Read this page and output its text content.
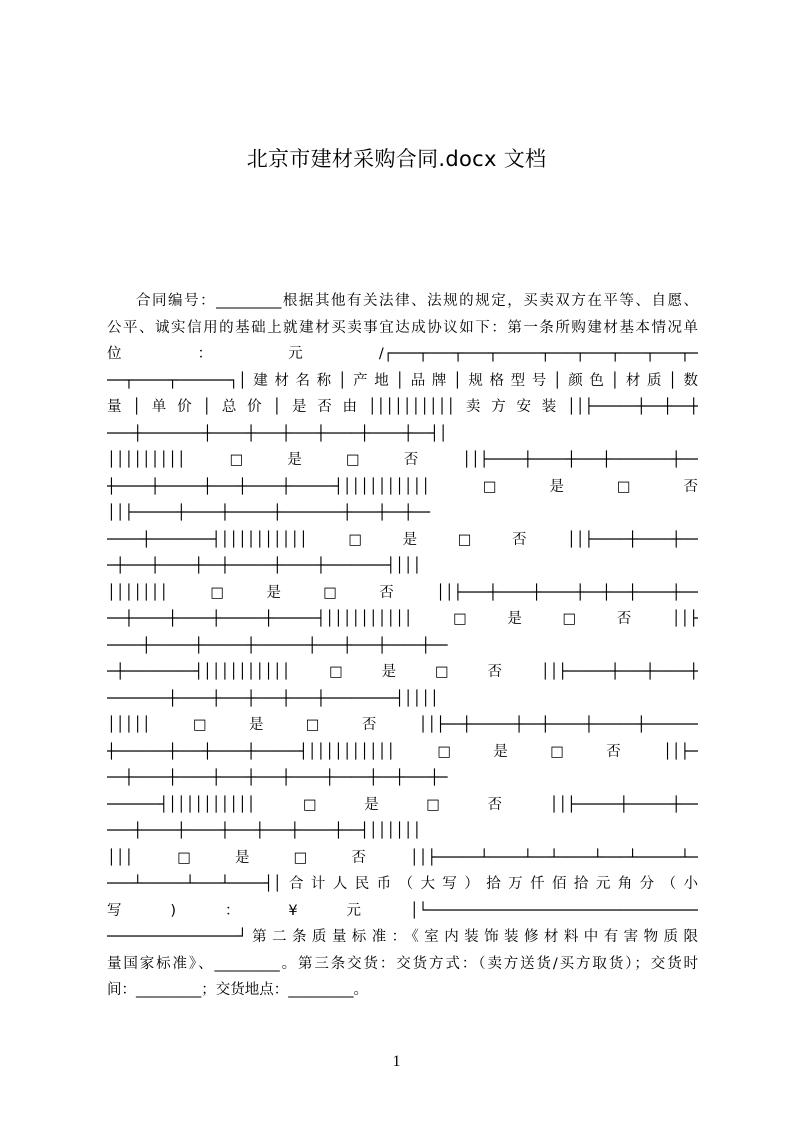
北京市建材采购合同.docx 文档
合同编号：_________根据其他有关法律、法规的规定，买卖双方在平等、自愿、
公平、诚实信用的基础上就建材买卖事宜达成协议如下：第一条所购建材基本情况单
位：元/┌───┬───┬───┬─────┬───┬───┬───┬───┬─
──┬────┬──────┐│建材名称│产地│品牌│规格型号│颜色│材质│数
量│单价│总价│是否由││││││││││卖方安装││├─────┼──┼──┼
───┼───────┼────┼───┼───┼────┼────┼──┤│
│││││││││□是□否││├────┼────┼───┼───────┼──
┼────┼─────┼───┼────┼─────┤││││││││││□是□否
││├─────┼────┼─────┼───────┼───┼──┼──
────┼───────┤││││││││││□是□否││├────┼────┼──
─┼───┼────┼──┼─────┼────┼───────┤│││
│││││││□是□否││├───┼────┼────┼──┼──┼────┼──
──┼────┼────┼─────┼─────┤││││││││││□是□否││├
────┼─────┼─────┼──────┼───┼───┼────┼──
─┼────────┤││││││││││□是□否││├─────┼───┼────┼
───────┼────┼───┼───┼───┼────────┤││││
│││││□是□否││├──┼─────┼──┼────┼─────┼──────
┼──────┼───┼────┼─────┤││││││││││□是□否││├─
──┼────┼────┼───┼───┼────┼────┼──┼───┼─
──────┤││││││││││□是□否││├─────┼─────┼──
───┼────┼────┼───┼───┼────┼──┤││││││
│││□是□否││├─────┴────┴──┴────┴───┴─────┴─
───┴─────┴───┴────┤│合计人民币（大写）拾万仟佰拾元角分（小
写)：¥元│└───────────────────────────────
───────────────┘第二条质量标准：《室内装饰装修材料中有害物质限
量国家标准》、_________。第三条交货：交货方式：（卖方送货/买方取货）；交货时
间：_________；交货地点：_________。
1
